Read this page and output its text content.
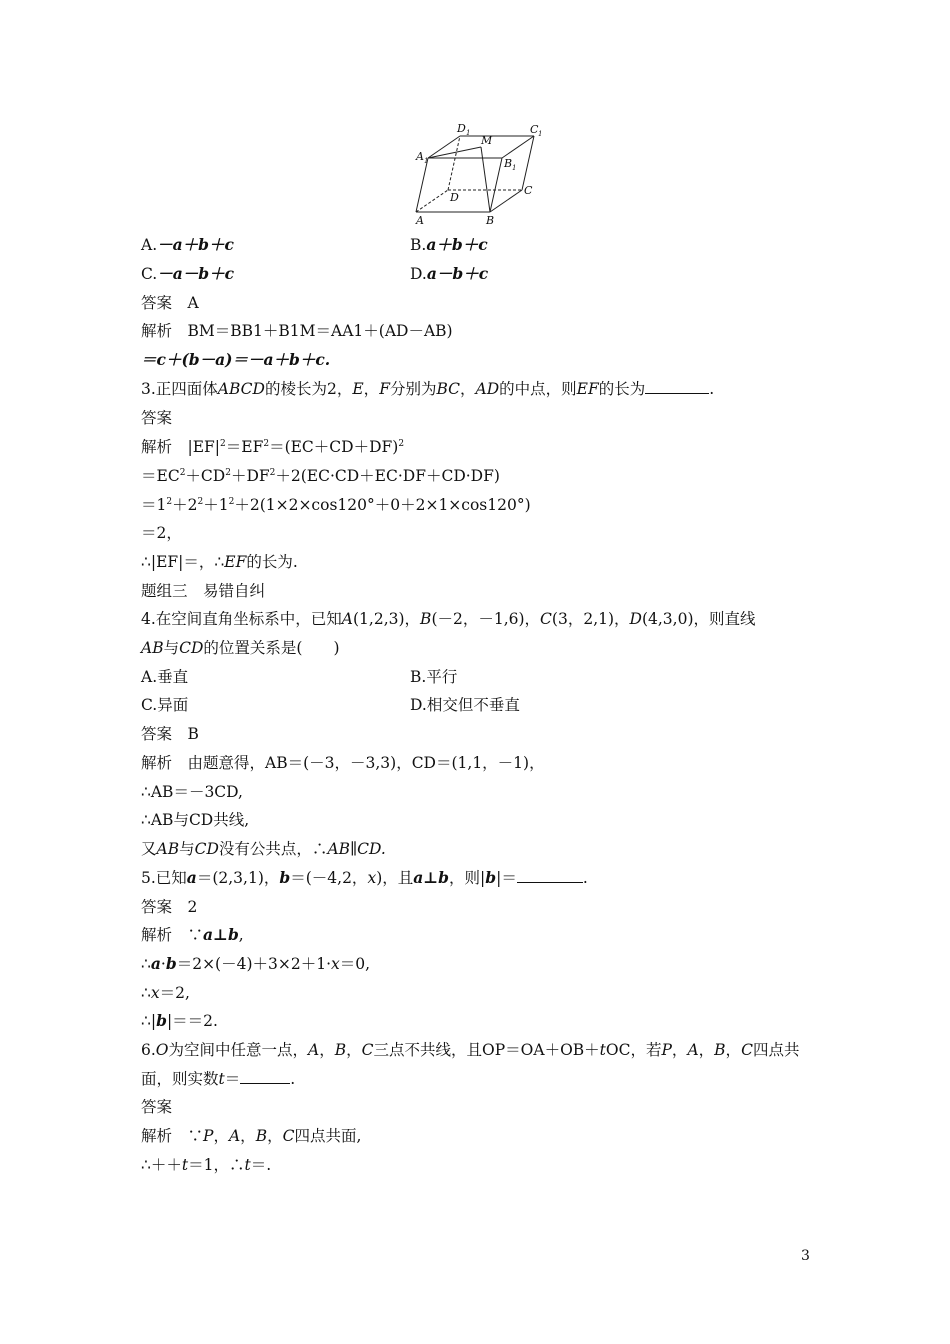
D 1
M
C 1
A 1	B 1
D
C
A	B
A.－a＋b＋c	B.a＋b＋c
C.－a－b＋c	D.a－b＋c
答案　A
解析　BM＝BB1＋B1M＝AA1＋(AD－AB)
＝c＋(b－a)＝－a＋b＋c.
3.正四面体ABCD的棱长为2，E，F分别为BC，AD的中点，则EF的长为	.
答案
解析　$|EF|^2=EF^2=(EC+CD+DF)^2$
$=EC^2+CD^2+DF^2+2(EC\cdot CD+EC\cdot DF+CD\cdot DF)$
$=1^2+2^2+1^2+2(1\times 2\times\cos 120^\circ+0+2\times 1\times\cos 120^\circ)$
＝2，
∴|EF|＝，∴EF的长为.
题组三　易错自纠
4.在空间直角坐标系中，已知A(1,2,3)，B(－2，－1,6)，C(3，2,1)，D(4,3,0)，则直线
AB与CD的位置关系是(　　)
A.垂直	B.平行
C.异面	D.相交但不垂直
答案　B
解析　由题意得，AB＝(－3，－3,3)，CD＝(1,1，－1)，
∴AB＝－3CD,
∴AB与CD共线,
又AB与CD没有公共点，∴AB∥CD.
5.已知a＝(2,3,1)，b＝(－4,2，x)，且a⊥b，则|b|＝	.
答案　2
解析　∵a⊥b,
∴a·b＝2×(－4)＋3×2＋1·x＝0,
∴x＝2,
∴|b|＝＝2.
6.O为空间中任意一点，A，B，C三点不共线，且OP＝OA＋OB＋tOC，若P，A，B，C四点共
面，则实数t＝	.
答案
解析　∵P，A，B，C四点共面,
∴＋＋t＝1，∴t＝.
3
